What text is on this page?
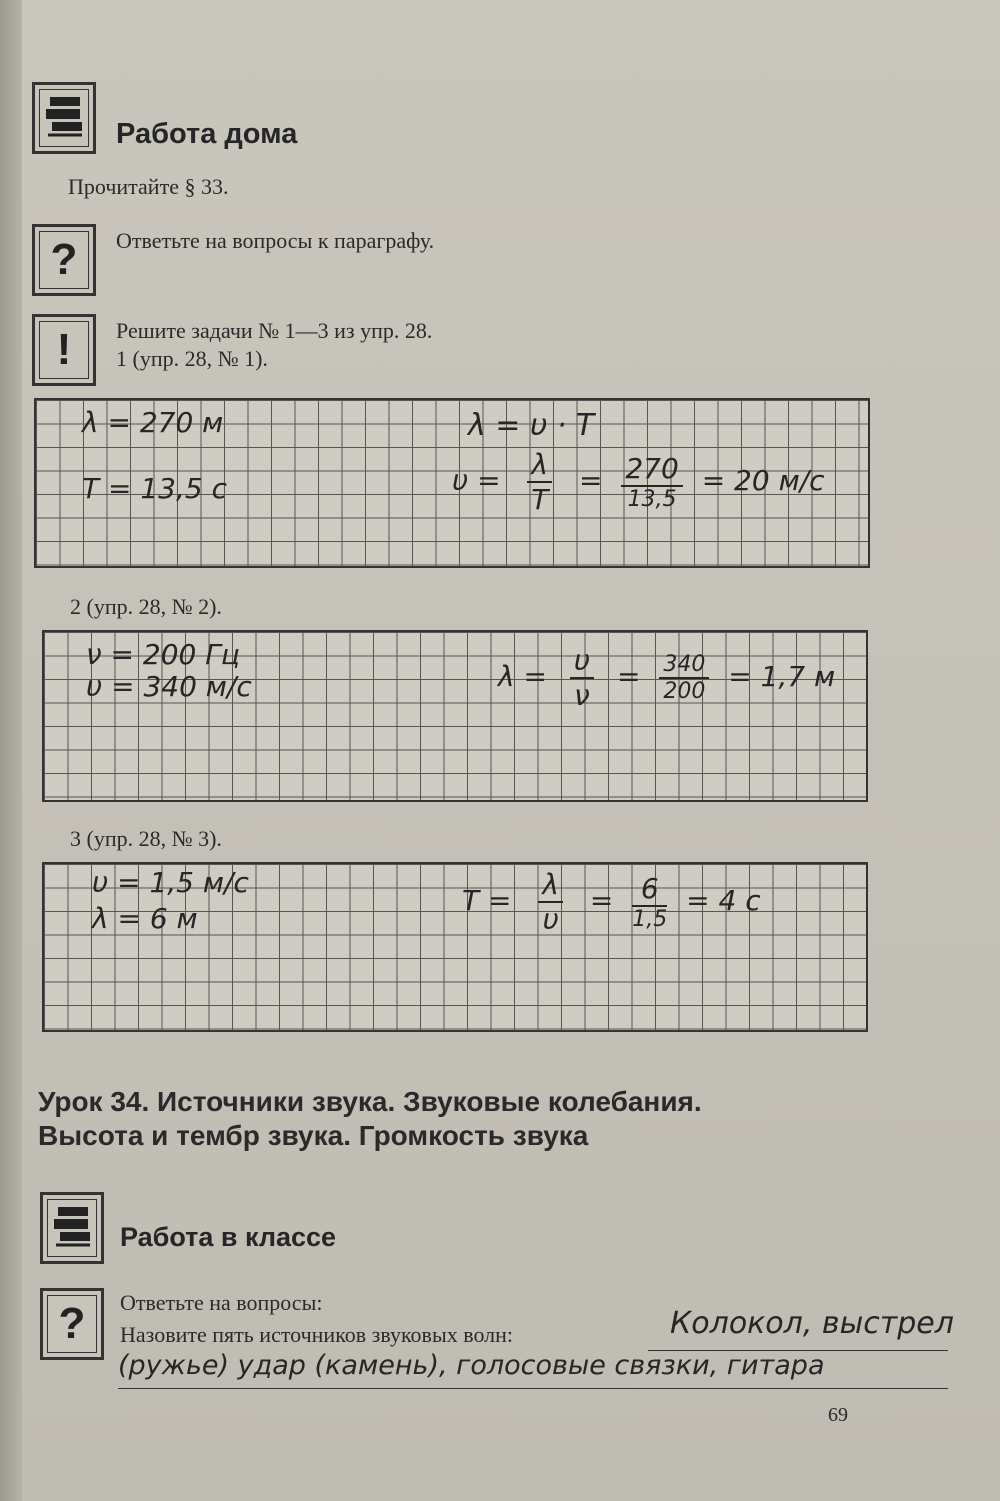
Работа дома
Прочитайте § 33.
?	Ответьте на вопросы к параграфу.
!	Решите задачи № 1—3 из упр. 28.
1 (упр. 28, № 1).
λ = 270 м
T = 13,5 c
λ = υ · T
$\upsilon = \frac{\lambda}{T} = \frac{270}{13,5} = 20$ м/c
2 (упр. 28, № 2).
ν = 200 Гц
υ = 340 м/с	$\lambda = \frac{\upsilon}{\nu} = \frac{340}{200} = 1,7$ м
3 (упр. 28, № 3).
υ = 1,5 м/с
λ = 6 м
$T = \frac{\lambda}{\upsilon} = \frac{6}{1,5} = 4$ с
Урок 34. Источники звука. Звуковые колебания.
Высота и тембр звука. Громкость звука
Работа в классе
?	Ответьте на вопросы:
Назовите пять источников звуковых волн:	Колокол, выстрел
(ружье) удар (камень), голосовые связки, гитара
69
